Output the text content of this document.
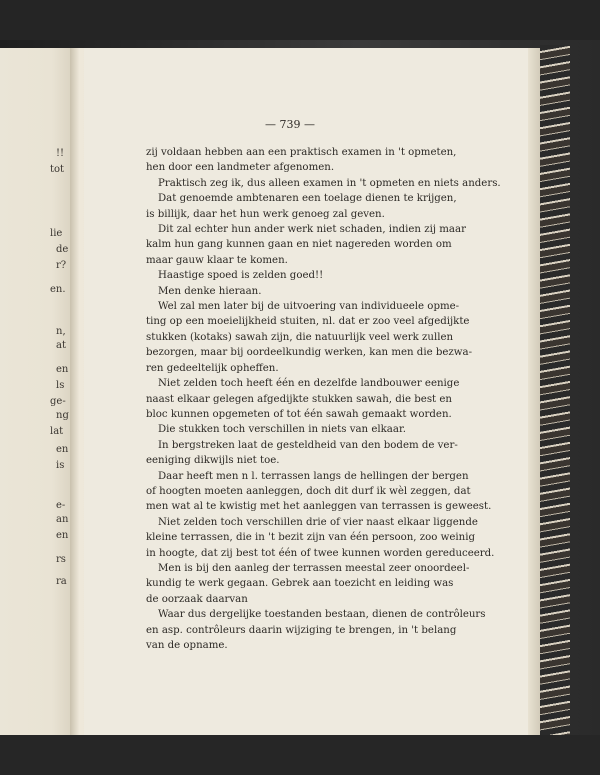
!!
tot
lie
de
r?
en.
n,
at
en
ls
ge-
ng
lat
en
is
e-
an
en
rs
ra
— 739 —
zij voldaan hebben aan een praktisch examen in 't opmeten,
hen door een landmeter afgenomen.
Praktisch zeg ik, dus alleen examen in 't opmeten en niets anders.
Dat genoemde ambtenaren een toelage dienen te krijgen,
is billijk, daar het hun werk genoeg zal geven.
Dit zal echter hun ander werk niet schaden, indien zij maar
kalm hun gang kunnen gaan en niet nagereden worden om
maar gauw klaar te komen.
Haastige spoed is zelden goed!!
Men denke hieraan.
Wel zal men later bij de uitvoering van individueele opme-
ting op een moeielijkheid stuiten, nl. dat er zoo veel afgedijkte
stukken (kotaks) sawah zijn, die natuurlijk veel werk zullen
bezorgen, maar bij oordeelkundig werken, kan men die bezwa-
ren gedeeltelijk opheffen.
Niet zelden toch heeft één en dezelfde landbouwer eenige
naast elkaar gelegen afgedijkte stukken sawah, die best en
bloc kunnen opgemeten of tot één sawah gemaakt worden.
Die stukken toch verschillen in niets van elkaar.
In bergstreken laat de gesteldheid van den bodem de ver-
eeniging dikwijls niet toe.
Daar heeft men n l. terrassen langs de hellingen der bergen
of hoogten moeten aanleggen, doch dit durf ik wèl zeggen, dat
men wat al te kwistig met het aanleggen van terrassen is geweest.
Niet zelden toch verschillen drie of vier naast elkaar liggende
kleine terrassen, die in 't bezit zijn van één persoon, zoo weinig
in hoogte, dat zij best tot één of twee kunnen worden gereduceerd.
Men is bij den aanleg der terrassen meestal zeer onoordeel-
kundig te werk gegaan. Gebrek aan toezicht en leiding was
de oorzaak daarvan
Waar dus dergelijke toestanden bestaan, dienen de contrôleurs
en asp. contrôleurs daarin wijziging te brengen, in 't belang
van de opname.
